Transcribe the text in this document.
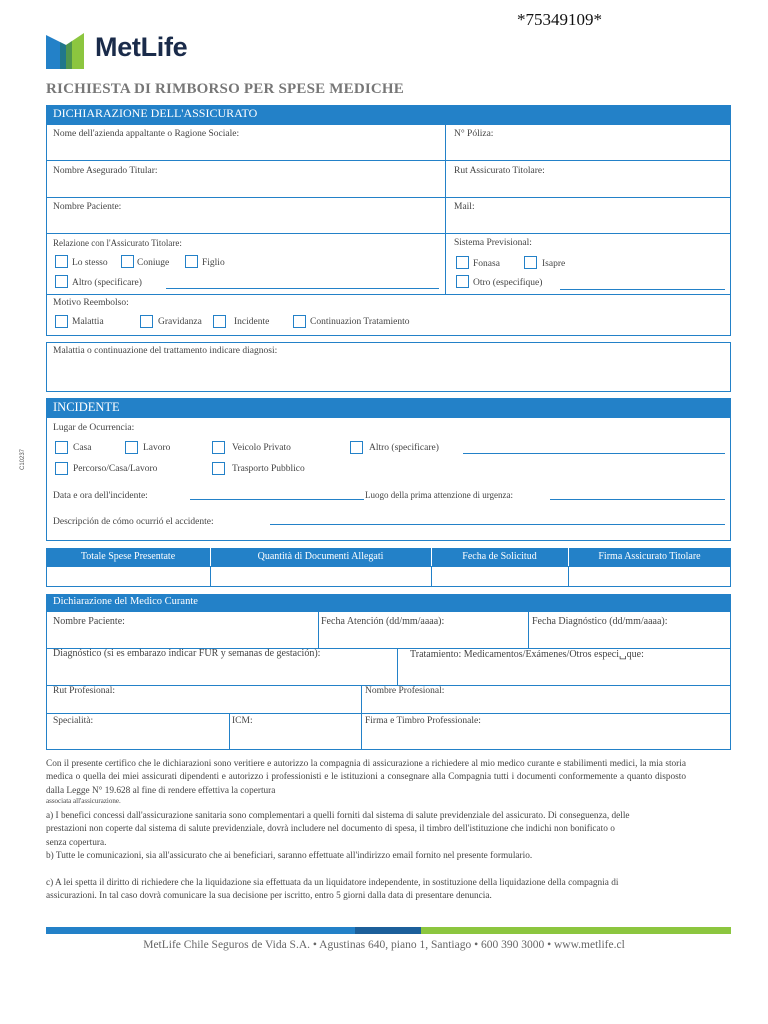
*75349109*
MetLife
RICHIESTA DI RIMBORSO PER SPESE MEDICHE
C10237
DICHIARAZIONE DELL'ASSICURATO
Nome dell'azienda appaltante o Ragione Sociale:	N° Póliza:
Nombre Asegurado Titular:	Rut Assicurato Titolare:
Nombre Paciente:	Mail:
Relazione con l'Assicurato Titolare:
Lo stesso	Coniuge	Figlio
Altro (specificare)
Sistema Previsional:
Fonasa	Isapre
Otro (especifique)
Motivo Reembolso:
Malattia	Gravidanza	Incidente	Continuazion Tratamiento
Malattia o continuazione del trattamento indicare diagnosi:
INCIDENTE
Lugar de Ocurrencia:
Casa	Lavoro	Veicolo Privato	Altro (specificare)
Percorso/Casa/Lavoro	Trasporto Pubblico
Data e ora dell'incidente:	Luogo della prima attenzione di urgenza:
Descripción de cómo ocurrió el accidente:
Totale Spese Presentate	Quantità di Documenti Allegati	Fecha de Solicitud	Firma Assicurato Titolare
Dichiarazione del Medico Curante
Nombre Paciente:	Fecha Atención (dd/mm/aaaa):	Fecha Diagnóstico (dd/mm/aaaa):
Diagnóstico (si es embarazo indicar FUR y semanas de gestación):	Tratamiento: Medicamentos/Exámenes/Otros especi␣que:
Rut Profesional:	Nombre Profesional:
Specialità:	ICM:	Firma e Timbro Professionale:
Con il presente certifico che le dichiarazioni sono veritiere e autorizzo la compagnia di assicurazione a richiedere al mio medico curante e stabilimenti medici, la mia storia medica o quella dei miei assicurati dipendenti e autorizzo i professionisti e le istituzioni a consegnare alla Compagnia tutti i documenti conformemente a quanto disposto dalla Legge N° 19.628 al fine di rendere effettiva la copertura
associata all'assicurazione.
a) I benefici concessi dall'assicurazione sanitaria sono complementari a quelli forniti dal sistema di salute previdenziale del assicurato. Di conseguenza, delle prestazioni non coperte dal sistema di salute previdenziale, dovrà includere nel documento di spesa, il timbro dell'istituzione che indichi non bonificato o senza copertura.
b) Tutte le comunicazioni, sia all'assicurato che ai beneficiari, saranno effettuate all'indirizzo email fornito nel presente formulario.
c) A lei spetta il diritto di richiedere che la liquidazione sia effettuata da un liquidatore independente, in sostituzione della liquidazione della compagnia di assicurazioni. In tal caso dovrà comunicare la sua decisione per iscritto, entro 5 giorni dalla data di presentare denuncia.
MetLife Chile Seguros de Vida S.A. • Agustinas 640, piano 1, Santiago • 600 390 3000 • www.metlife.cl
